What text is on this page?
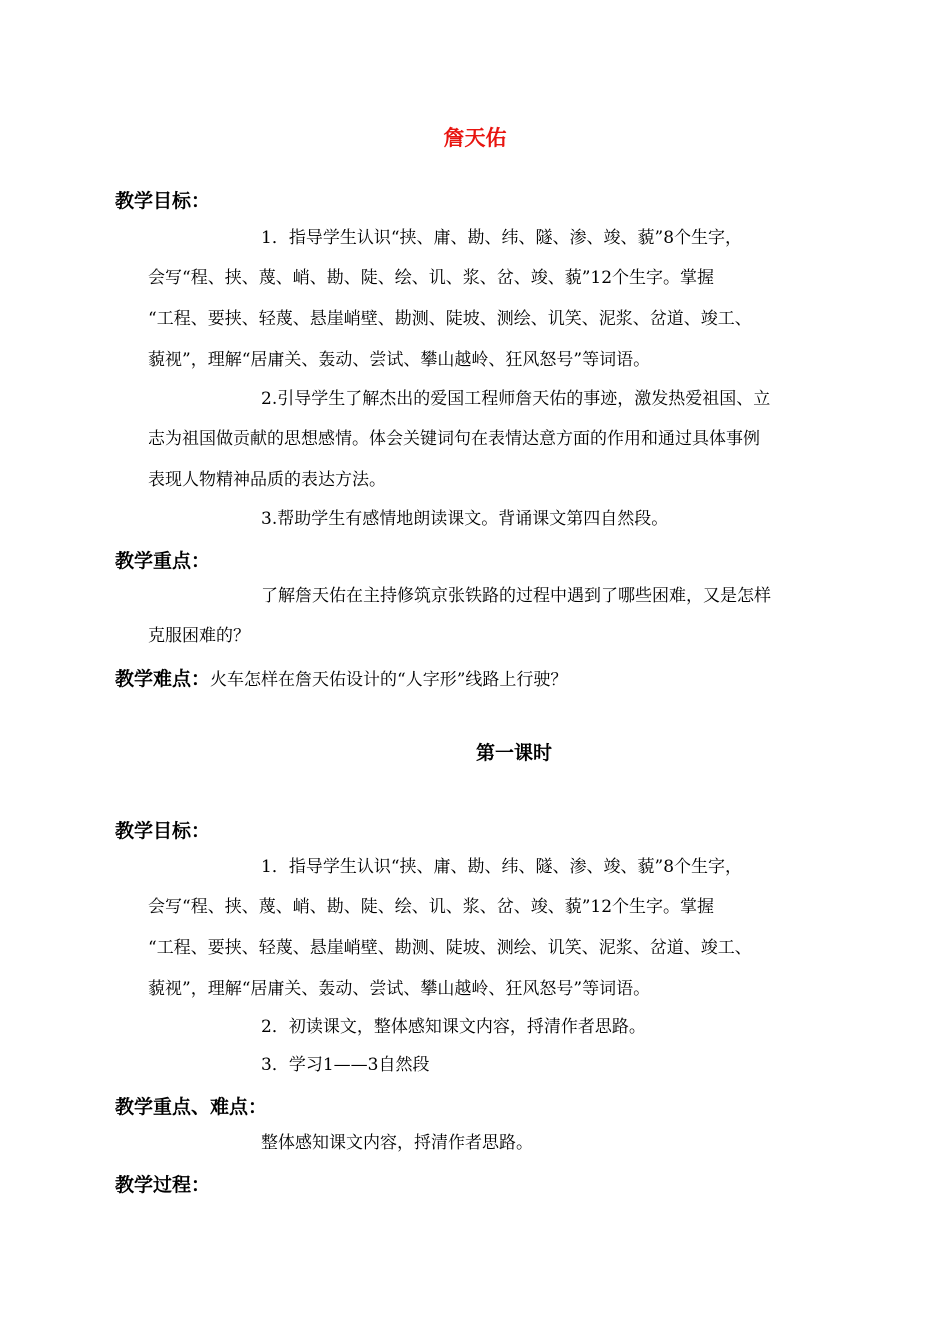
詹天佑
教学目标：
1．指导学生认识“挟、庸、勘、纬、隧、渗、竣、藐”8个生字，
会写“程、挟、蔑、峭、勘、陡、绘、讥、浆、岔、竣、藐”12个生字。掌握
“工程、要挟、轻蔑、悬崖峭壁、勘测、陡坡、测绘、讥笑、泥浆、岔道、竣工、
藐视”，理解“居庸关、轰动、尝试、攀山越岭、狂风怒号”等词语。
2.引导学生了解杰出的爱国工程师詹天佑的事迹，激发热爱祖国、立
志为祖国做贡献的思想感情。体会关键词句在表情达意方面的作用和通过具体事例
表现人物精神品质的表达方法。
3.帮助学生有感情地朗读课文。背诵课文第四自然段。
教学重点：
了解詹天佑在主持修筑京张铁路的过程中遇到了哪些困难，又是怎样
克服困难的？
教学难点：火车怎样在詹天佑设计的“人字形”线路上行驶？
第一课时
教学目标：
1．指导学生认识“挟、庸、勘、纬、隧、渗、竣、藐”8个生字，
会写“程、挟、蔑、峭、勘、陡、绘、讥、浆、岔、竣、藐”12个生字。掌握
“工程、要挟、轻蔑、悬崖峭壁、勘测、陡坡、测绘、讥笑、泥浆、岔道、竣工、
藐视”，理解“居庸关、轰动、尝试、攀山越岭、狂风怒号”等词语。
2．初读课文，整体感知课文内容，捋清作者思路。
3．学习1——3自然段
教学重点、难点：
整体感知课文内容，捋清作者思路。
教学过程：
